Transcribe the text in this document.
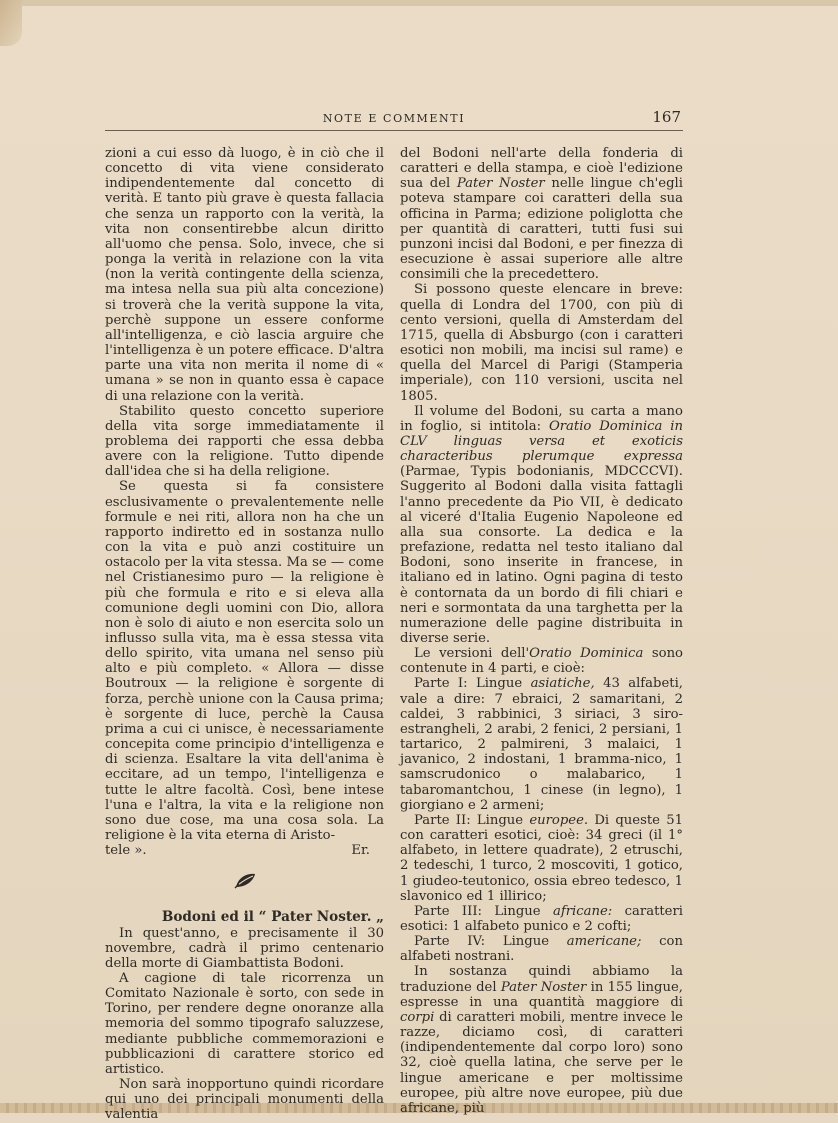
NOTE E COMMENTI	167

zioni a cui esso dà luogo, è in ciò che il concetto di vita viene considerato indipendentemente dal concetto di verità. E tanto più grave è questa fallacia che senza un rapporto con la verità, la vita non consentirebbe alcun diritto all'uomo che pensa. Solo, invece, che si ponga la verità in relazione con la vita (non la verità contingente della scienza, ma intesa nella sua più alta concezione) si troverà che la verità suppone la vita, perchè suppone un essere conforme all'intelligenza, e ciò lascia arguire che l'intelligenza è un potere efficace. D'altra parte una vita non merita il nome di « umana » se non in quanto essa è capace di una relazione con la verità.

Stabilito questo concetto superiore della vita sorge immediatamente il problema dei rapporti che essa debba avere con la religione. Tutto dipende dall'idea che si ha della religione.

Se questa si fa consistere esclusivamente o prevalentemente nelle formule e nei riti, allora non ha che un rapporto indiretto ed in sostanza nullo con la vita e può anzi costituire un ostacolo per la vita stessa. Ma se — come nel Cristianesimo puro — la religione è più che formula e rito e si eleva alla comunione degli uomini con Dio, allora non è solo di aiuto e non esercita solo un influsso sulla vita, ma è essa stessa vita dello spirito, vita umana nel senso più alto e più completo. « Allora — disse Boutroux — la religione è sorgente di forza, perchè unione con la Causa prima; è sorgente di luce, perchè la Causa prima a cui ci unisce, è necessariamente concepita come principio d'intelligenza e di scienza. Esaltare la vita dell'anima è eccitare, ad un tempo, l'intelligenza e tutte le altre facoltà. Così, bene intese l'una e l'altra, la vita e la religione non sono due cose, ma una cosa sola. La religione è la vita eterna di Aristo-

tele ».	Er.

Bodoni ed il “ Pater Noster. „

In quest'anno, e precisamente il 30 novembre, cadrà il primo centenario della morte di Giambattista Bodoni.

A cagione di tale ricorrenza un Comitato Nazionale è sorto, con sede in Torino, per rendere degne onoranze alla memoria del sommo tipografo saluzzese, mediante pubbliche commemorazioni e pubblicazioni di carattere storico ed artistico.

Non sarà inopportuno quindi ricordare qui uno dei principali monumenti della valentia

del Bodoni nell'arte della fonderia di caratteri e della stampa, e cioè l'edizione sua del Pater Noster nelle lingue ch'egli poteva stampare coi caratteri della sua officina in Parma; edizione poliglotta che per quantità di caratteri, tutti fusi sui punzoni incisi dal Bodoni, e per finezza di esecuzione è assai superiore alle altre consimili che la precedettero.

Si possono queste elencare in breve: quella di Londra del 1700, con più di cento versioni, quella di Amsterdam del 1715, quella di Absburgo (con i caratteri esotici non mobili, ma incisi sul rame) e quella del Marcel di Parigi (Stamperia imperiale), con 110 versioni, uscita nel 1805.

Il volume del Bodoni, su carta a mano in foglio, si intitola: Oratio Dominica in CLV linguas versa et exoticis characteribus plerumque expressa (Parmae, Typis bodonianis, MDCCCVI). Suggerito al Bodoni dalla visita fattagli l'anno precedente da Pio VII, è dedicato al viceré d'Italia Eugenio Napoleone ed alla sua consorte. La dedica e la prefazione, redatta nel testo italiano dal Bodoni, sono inserite in francese, in italiano ed in latino. Ogni pagina di testo è contornata da un bordo di fili chiari e neri e sormontata da una targhetta per la numerazione delle pagine distribuita in diverse serie.

Le versioni dell'Oratio Dominica sono contenute in 4 parti, e cioè:

Parte I: Lingue asiatiche, 43 alfabeti, vale a dire: 7 ebraici, 2 samaritani, 2 caldei, 3 rabbinici, 3 siriaci, 3 siro-estrangheli, 2 arabi, 2 fenici, 2 persiani, 1 tartarico, 2 palmireni, 3 malaici, 1 javanico, 2 indostani, 1 bramma-nico, 1 samscrudonico o malabarico, 1 tabaromantchou, 1 cinese (in legno), 1 giorgiano e 2 armeni;

Parte II: Lingue europee. Di queste 51 con caratteri esotici, cioè: 34 greci (il 1° alfabeto, in lettere quadrate), 2 etruschi, 2 tedeschi, 1 turco, 2 moscoviti, 1 gotico, 1 giudeo-teutonico, ossia ebreo tedesco, 1 slavonico ed 1 illirico;

Parte III: Lingue africane: caratteri esotici: 1 alfabeto punico e 2 cofti;

Parte IV: Lingue americane; con alfabeti nostrani.

In sostanza quindi abbiamo la traduzione del Pater Noster in 155 lingue, espresse in una quantità maggiore di corpi di caratteri mobili, mentre invece le razze, diciamo così, di caratteri (indipendentemente dal corpo loro) sono 32, cioè quella latina, che serve per le lingue americane e per moltissime europee, più altre nove europee, più due africane, più
